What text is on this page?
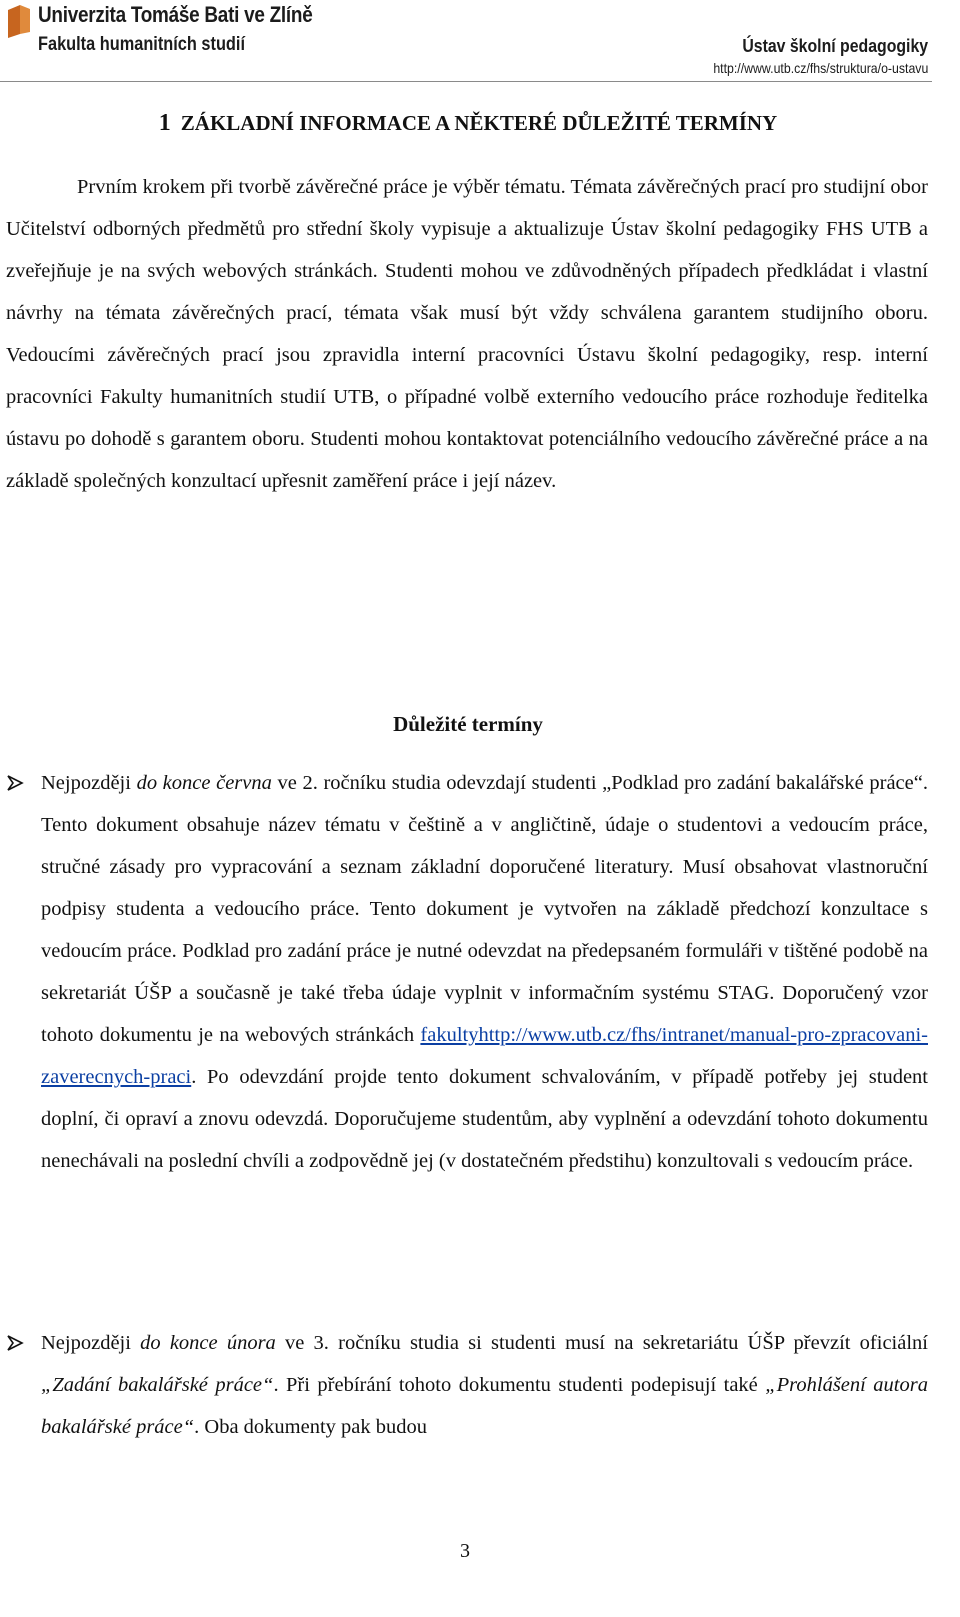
Univerzita Tomáše Bati ve Zlíně
Fakulta humanitních studií	Ústav školní pedagogiky
http://www.utb.cz/fhs/struktura/o-ustavu
1 ZÁKLADNÍ INFORMACE A NĚKTERÉ DŮLEŽITÉ TERMÍNY
Prvním krokem při tvorbě závěrečné práce je výběr tématu. Témata závěrečných prací pro studijní obor Učitelství odborných předmětů pro střední školy vypisuje a aktualizuje Ústav školní pedagogiky FHS UTB a zveřejňuje je na svých webových stránkách. Studenti mohou ve zdůvodněných případech předkládat i vlastní návrhy na témata závěrečných prací, témata však musí být vždy schválena garantem studijního oboru. Vedoucími závěrečných prací jsou zpravidla interní pracovníci Ústavu školní pedagogiky, resp. interní pracovníci Fakulty humanitních studií UTB, o případné volbě externího vedoucího práce rozhoduje ředitelka ústavu po dohodě s garantem oboru. Studenti mohou kontaktovat potenciálního vedoucího závěrečné práce a na základě společných konzultací upřesnit zaměření práce i její název.
Důležité termíny
Nejpozději do konce června ve 2. ročníku studia odevzdají studenti „Podklad pro zadání bakalářské práce“. Tento dokument obsahuje název tématu v češtině a v angličtině, údaje o studentovi a vedoucím práce, stručné zásady pro vypracování a seznam základní doporučené literatury. Musí obsahovat vlastnoruční podpisy studenta a vedoucího práce. Tento dokument je vytvořen na základě předchozí konzultace s vedoucím práce. Podklad pro zadání práce je nutné odevzdat na předepsaném formuláři v tištěné podobě na sekretariát ÚŠP a současně je také třeba údaje vyplnit v informačním systému STAG. Doporučený vzor tohoto dokumentu je na webových stránkách fakultyhttp://www.utb.cz/fhs/intranet/manual-pro-zpracovani-zaverecnych-praci. Po odevzdání projde tento dokument schvalováním, v případě potřeby jej student doplní, či opraví a znovu odevzdá. Doporučujeme studentům, aby vyplnění a odevzdání tohoto dokumentu nenechávali na poslední chvíli a zodpovědně jej (v dostatečném předstihu) konzultovali s vedoucím práce.
Nejpozději do konce února ve 3. ročníku studia si studenti musí na sekretariátu ÚŠP převzít oficiální „Zadání bakalářské práce“. Při přebírání tohoto dokumentu studenti podepisují také „Prohlášení autora bakalářské práce“. Oba dokumenty pak budou
3
